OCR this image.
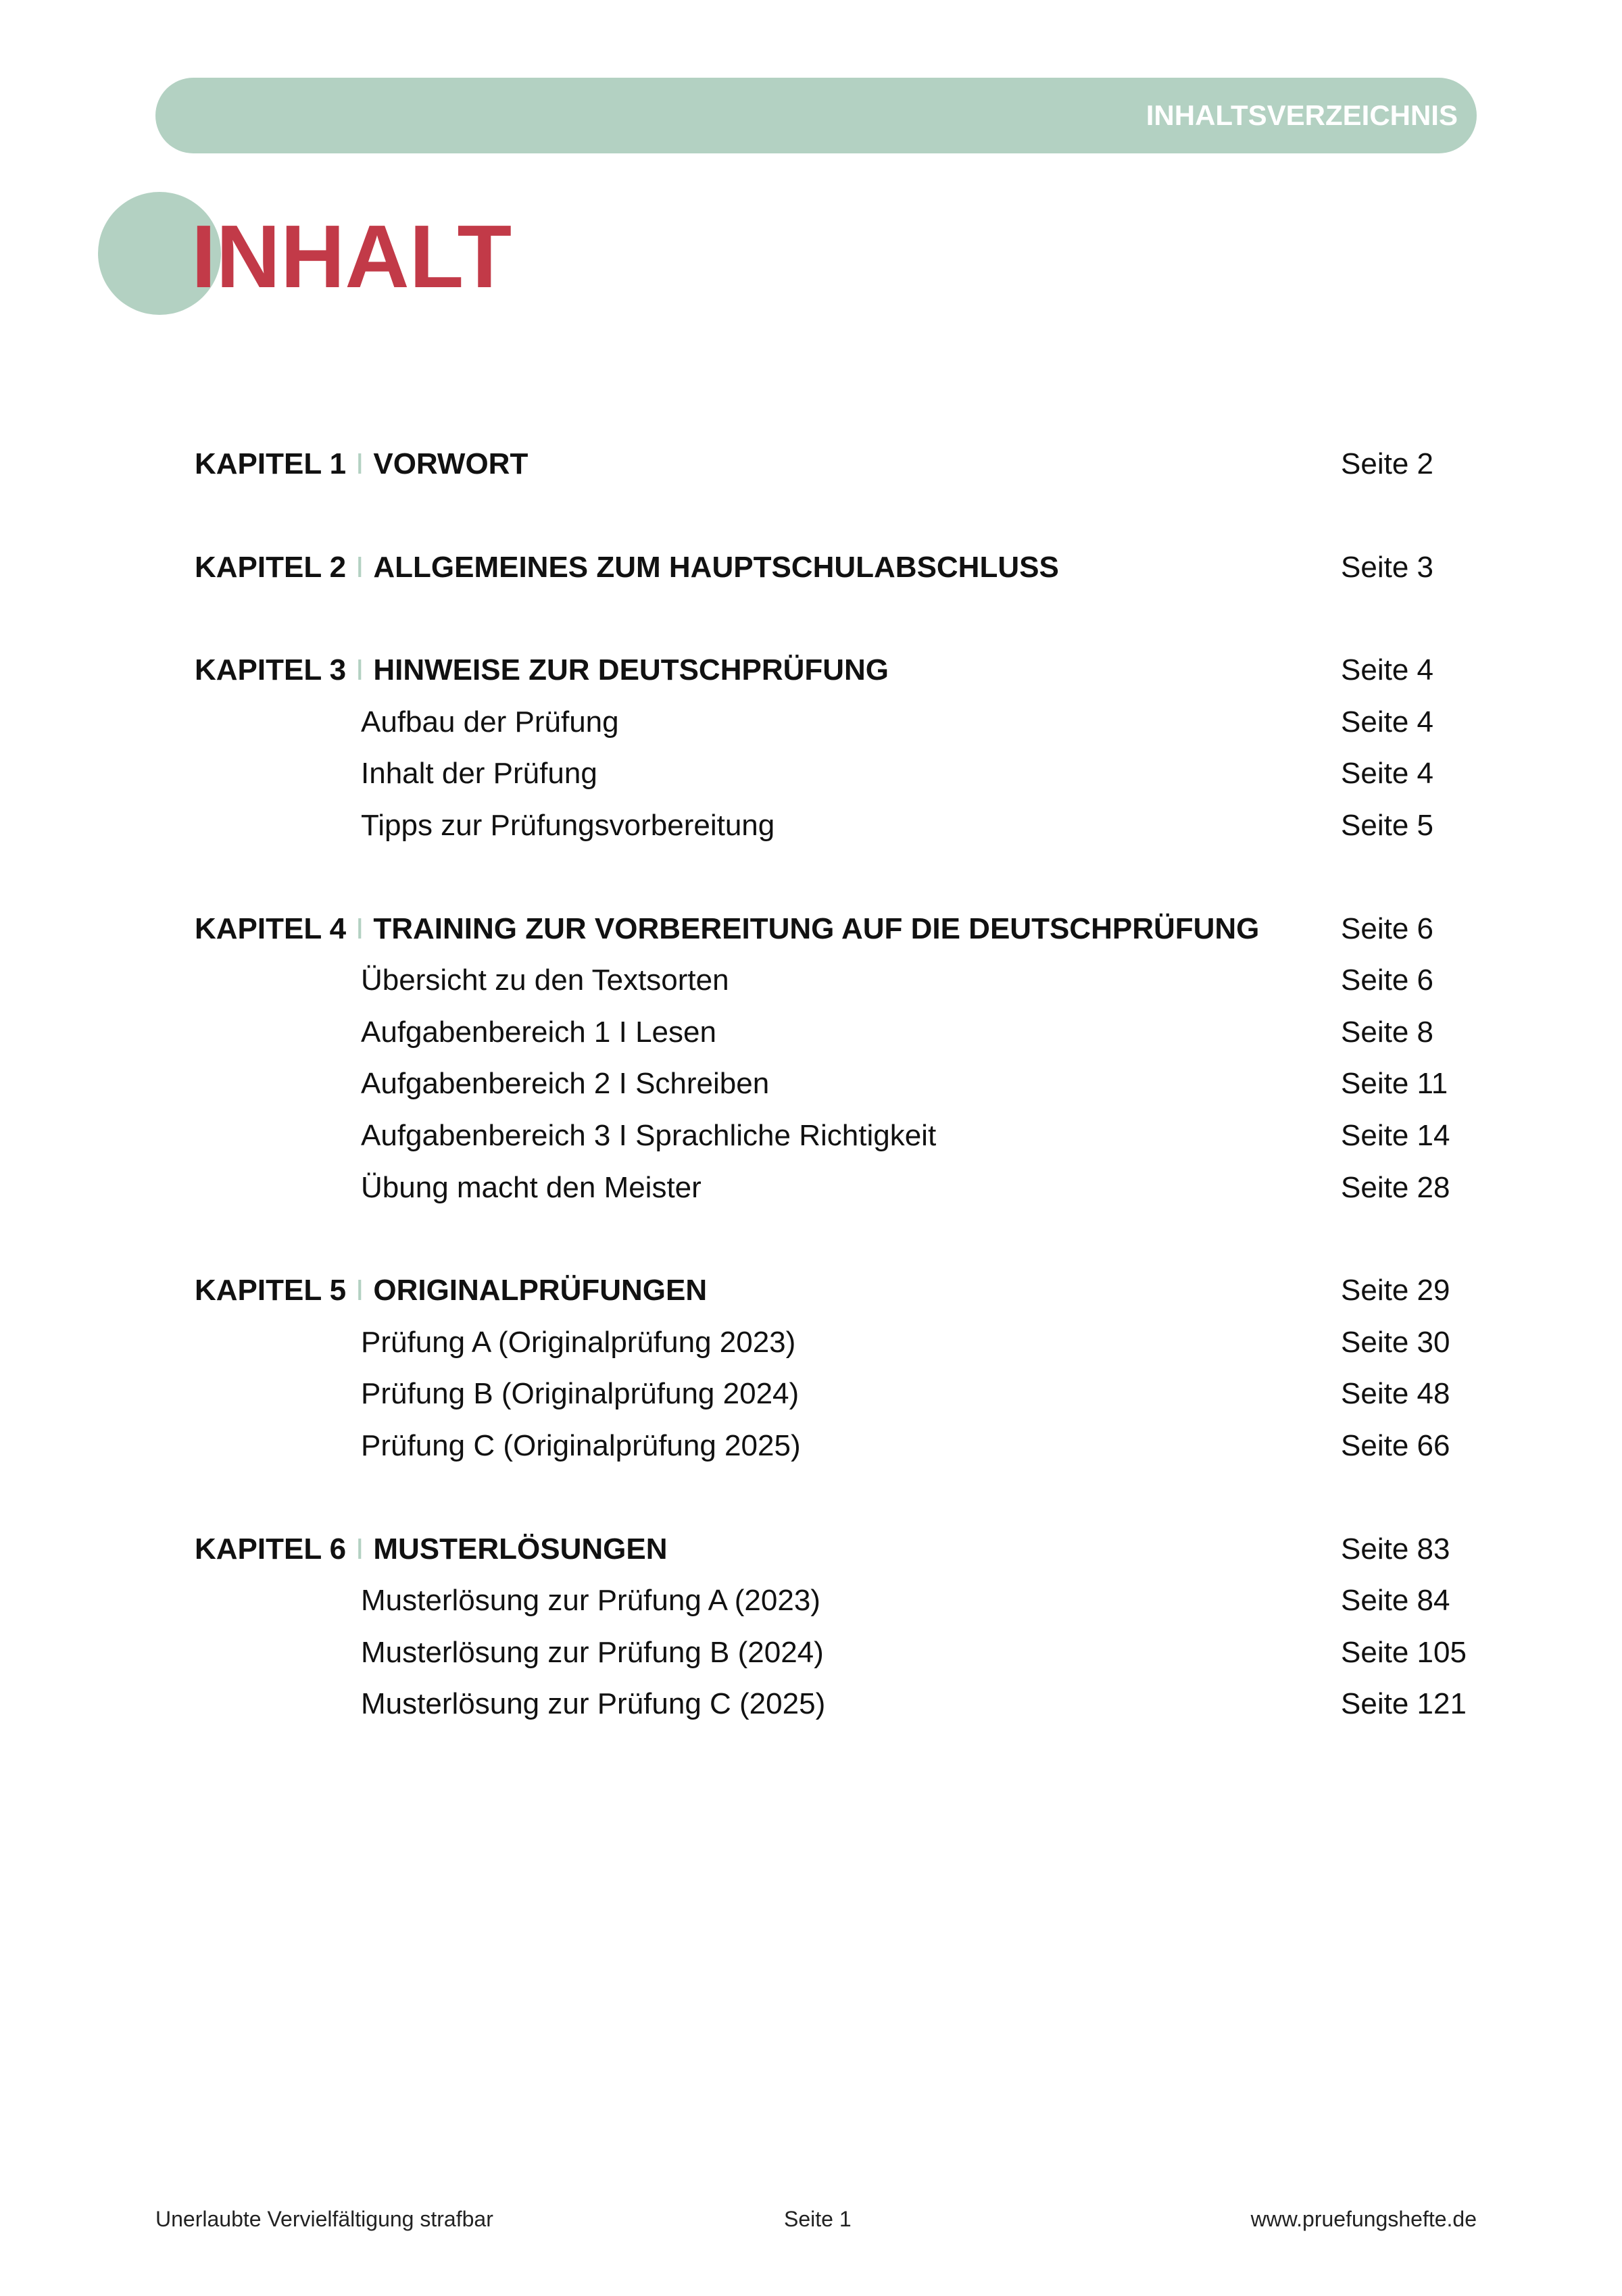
INHALTSVERZEICHNIS
INHALT
KAPITEL 1 I VORWORT	Seite 2
KAPITEL 2 I ALLGEMEINES ZUM HAUPTSCHULABSCHLUSS	Seite 3
KAPITEL 3 I HINWEISE ZUR DEUTSCHPRÜFUNG	Seite 4
Aufbau der Prüfung	Seite 4
Inhalt der Prüfung	Seite 4
Tipps zur Prüfungsvorbereitung	Seite 5
KAPITEL 4 I TRAINING ZUR VORBEREITUNG AUF DIE DEUTSCHPRÜFUNG	Seite 6
Übersicht zu den Textsorten	Seite 6
Aufgabenbereich 1 I Lesen	Seite 8
Aufgabenbereich 2 I Schreiben	Seite 11
Aufgabenbereich 3 I Sprachliche Richtigkeit	Seite 14
Übung macht den Meister	Seite 28
KAPITEL 5 I ORIGINALPRÜFUNGEN	Seite 29
Prüfung A (Originalprüfung 2023)	Seite 30
Prüfung B (Originalprüfung 2024)	Seite 48
Prüfung C (Originalprüfung 2025)	Seite 66
KAPITEL 6 I MUSTERLÖSUNGEN	Seite 83
Musterlösung zur Prüfung A (2023)	Seite 84
Musterlösung zur Prüfung B (2024)	Seite 105
Musterlösung zur Prüfung C (2025)	Seite 121
Unerlaubte Vervielfältigung strafbar	Seite 1	www.pruefungshefte.de
